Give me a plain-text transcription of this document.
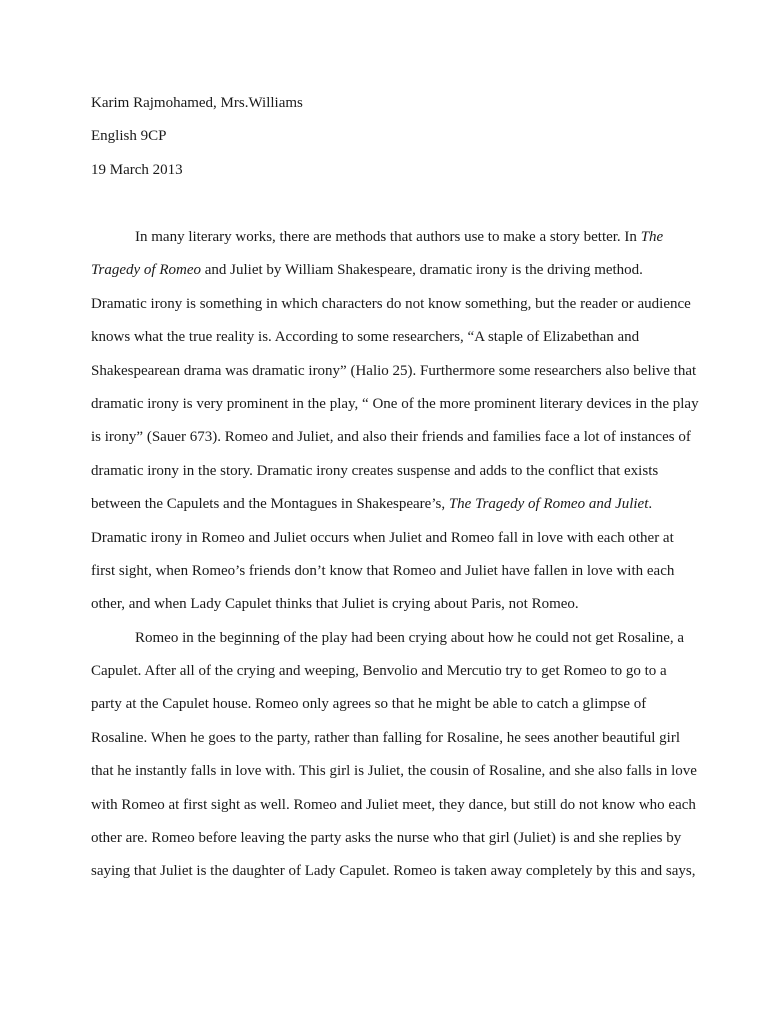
Karim Rajmohamed, Mrs.Williams
English 9CP
19 March 2013
In many literary works, there are methods that authors use to make a story better. In The
Tragedy of Romeo and Juliet by William Shakespeare, dramatic irony is the driving method.
Dramatic irony is something in which characters do not know something, but the reader or audience
knows what the true reality is. According to some researchers, “A staple of Elizabethan and
Shakespearean drama was dramatic irony” (Halio 25). Furthermore some researchers also belive that
dramatic irony is very prominent in the play, “ One of the more prominent literary devices in the play
is irony” (Sauer 673). Romeo and Juliet, and also their friends and families face a lot of instances of
dramatic irony in the story. Dramatic irony creates suspense and adds to the conflict that exists
between the Capulets and the Montagues in Shakespeare’s, The Tragedy of Romeo and Juliet.
Dramatic irony in Romeo and Juliet occurs when Juliet and Romeo fall in love with each other at
first sight, when Romeo’s friends don’t know that Romeo and Juliet have fallen in love with each
other, and when Lady Capulet thinks that Juliet is crying about Paris, not Romeo.
Romeo in the beginning of the play had been crying about how he could not get Rosaline, a
Capulet. After all of the crying and weeping, Benvolio and Mercutio try to get Romeo to go to a
party at the Capulet house. Romeo only agrees so that he might be able to catch a glimpse of
Rosaline. When he goes to the party, rather than falling for Rosaline, he sees another beautiful girl
that he instantly falls in love with. This girl is Juliet, the cousin of Rosaline, and she also falls in love
with Romeo at first sight as well. Romeo and Juliet meet, they dance, but still do not know who each
other are. Romeo before leaving the party asks the nurse who that girl (Juliet) is and she replies by
saying that Juliet is the daughter of Lady Capulet. Romeo is taken away completely by this and says,
